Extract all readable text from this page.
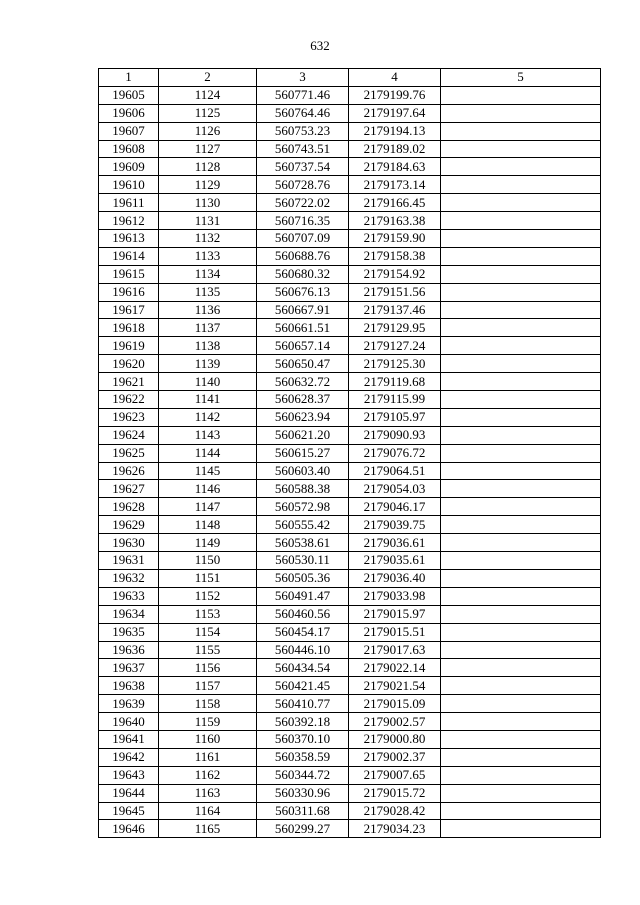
632
1	2	3	4	5
19605	1124	560771.46	2179199.76	
19606	1125	560764.46	2179197.64	
19607	1126	560753.23	2179194.13	
19608	1127	560743.51	2179189.02	
19609	1128	560737.54	2179184.63	
19610	1129	560728.76	2179173.14	
19611	1130	560722.02	2179166.45	
19612	1131	560716.35	2179163.38	
19613	1132	560707.09	2179159.90	
19614	1133	560688.76	2179158.38	
19615	1134	560680.32	2179154.92	
19616	1135	560676.13	2179151.56	
19617	1136	560667.91	2179137.46	
19618	1137	560661.51	2179129.95	
19619	1138	560657.14	2179127.24	
19620	1139	560650.47	2179125.30	
19621	1140	560632.72	2179119.68	
19622	1141	560628.37	2179115.99	
19623	1142	560623.94	2179105.97	
19624	1143	560621.20	2179090.93	
19625	1144	560615.27	2179076.72	
19626	1145	560603.40	2179064.51	
19627	1146	560588.38	2179054.03	
19628	1147	560572.98	2179046.17	
19629	1148	560555.42	2179039.75	
19630	1149	560538.61	2179036.61	
19631	1150	560530.11	2179035.61	
19632	1151	560505.36	2179036.40	
19633	1152	560491.47	2179033.98	
19634	1153	560460.56	2179015.97	
19635	1154	560454.17	2179015.51	
19636	1155	560446.10	2179017.63	
19637	1156	560434.54	2179022.14	
19638	1157	560421.45	2179021.54	
19639	1158	560410.77	2179015.09	
19640	1159	560392.18	2179002.57	
19641	1160	560370.10	2179000.80	
19642	1161	560358.59	2179002.37	
19643	1162	560344.72	2179007.65	
19644	1163	560330.96	2179015.72	
19645	1164	560311.68	2179028.42	
19646	1165	560299.27	2179034.23	
